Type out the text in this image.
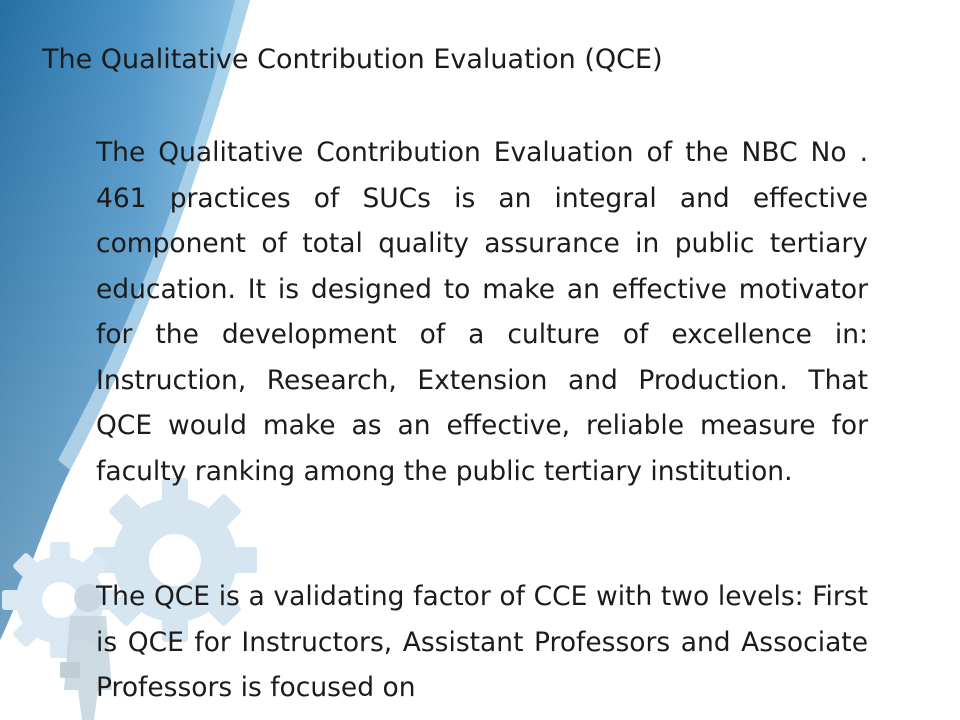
The Qualitative Contribution Evaluation (QCE)

The Qualitative Contribution Evaluation of the NBC No . 461 practices of SUCs is an integral and effective component of total quality assurance in public tertiary education. It is designed to make an effective motivator for the development of a culture of excellence in: Instruction, Research, Extension and Production. That QCE would make as an effective, reliable measure for faculty ranking among the public tertiary institution.

The QCE is a validating factor of CCE with two levels: First is QCE for Instructors, Assistant Professors and Associate Professors is focused on
